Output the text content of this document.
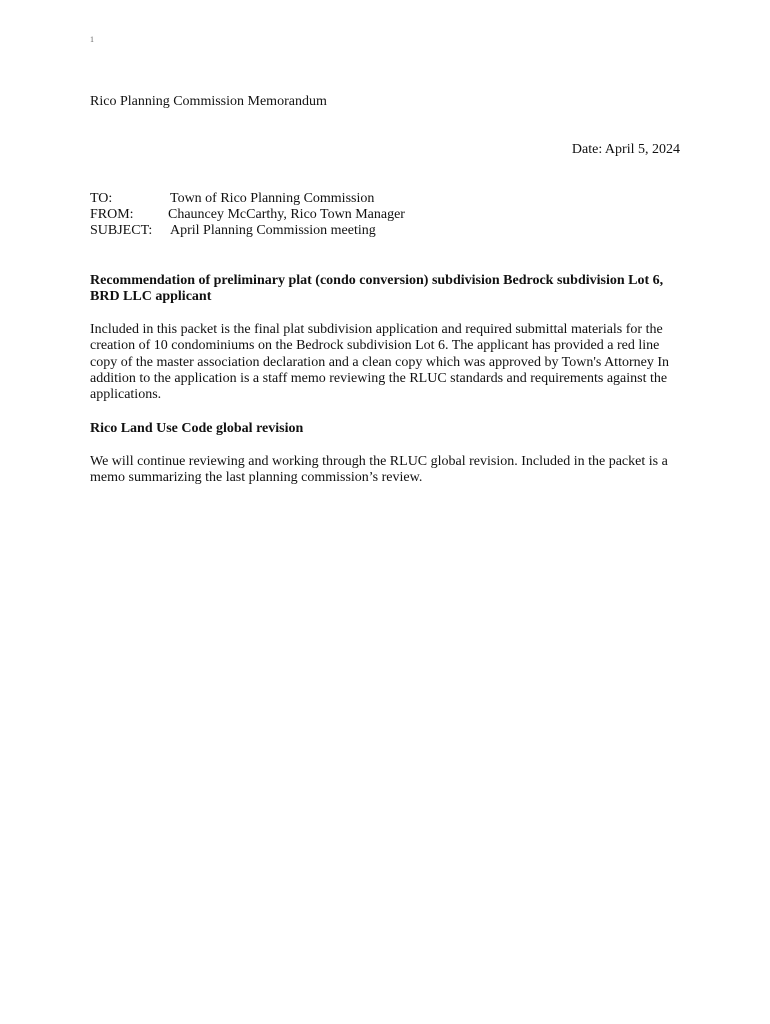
1
Rico Planning Commission Memorandum
Date: April 5, 2024
TO:	Town of Rico Planning Commission
FROM:	Chauncey McCarthy, Rico Town Manager
SUBJECT:	April Planning Commission meeting

Recommendation of preliminary plat (condo conversion) subdivision Bedrock subdivision Lot 6, BRD LLC applicant

Included in this packet is the final plat subdivision application and required submittal materials for the creation of 10 condominiums on the Bedrock subdivision Lot 6. The applicant has provided a red line copy of the master association declaration and a clean copy which was approved by Town's Attorney In addition to the application is a staff memo reviewing the RLUC standards and requirements against the applications.

Rico Land Use Code global revision

We will continue reviewing and working through the RLUC global revision. Included in the packet is a memo summarizing the last planning commission’s review.
